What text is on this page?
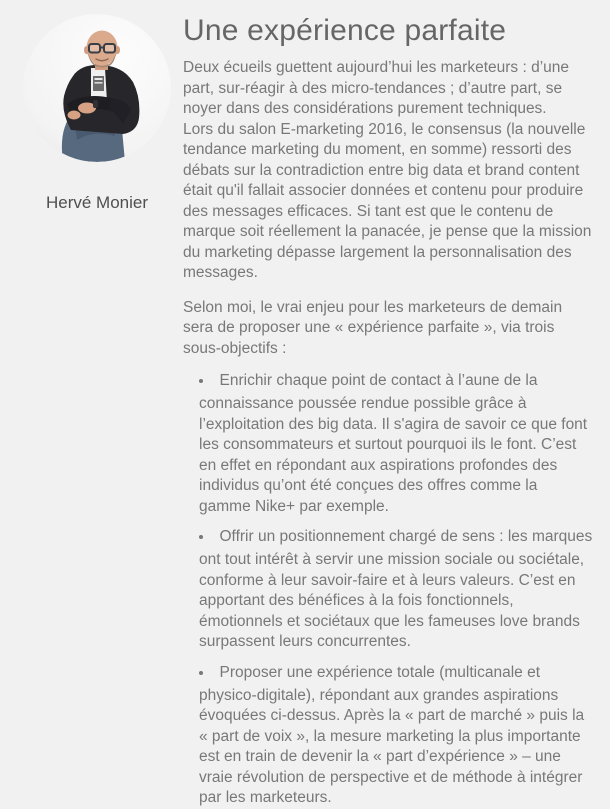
Hervé Monier
Une expérience parfaite

Deux écueils guettent aujourd’hui les marketeurs : d’une part, sur-réagir à des micro-tendances ; d’autre part, se noyer dans des considérations purement techniques.

Lors du salon E-marketing 2016, le consensus (la nouvelle tendance marketing du moment, en somme) ressorti des débats sur la contradiction entre big data et brand content était qu'il fallait associer données et contenu pour produire des messages efficaces. Si tant est que le contenu de marque soit réellement la panacée, je pense que la mission du marketing dépasse largement la personnalisation des messages.

Selon moi, le vrai enjeu pour les marketeurs de demain sera de proposer une « expérience parfaite », via trois sous-objectifs :

• Enrichir chaque point de contact à l’aune de la connaissance poussée rendue possible grâce à l’exploitation des big data. Il s'agira de savoir ce que font les consommateurs et surtout pourquoi ils le font. C’est en effet en répondant aux aspirations profondes des individus qu’ont été conçues des offres comme la gamme Nike+ par exemple.
• Offrir un positionnement chargé de sens : les marques ont tout intérêt à servir une mission sociale ou sociétale, conforme à leur savoir-faire et à leurs valeurs. C’est en apportant des bénéfices à la fois fonctionnels, émotionnels et sociétaux que les fameuses love brands surpassent leurs concurrentes.
• Proposer une expérience totale (multicanale et physico-digitale), répondant aux grandes aspirations évoquées ci-dessus. Après la « part de marché » puis la « part de voix », la mesure marketing la plus importante est en train de devenir la « part d’expérience » – une vraie révolution de perspective et de méthode à intégrer par les marketeurs.
